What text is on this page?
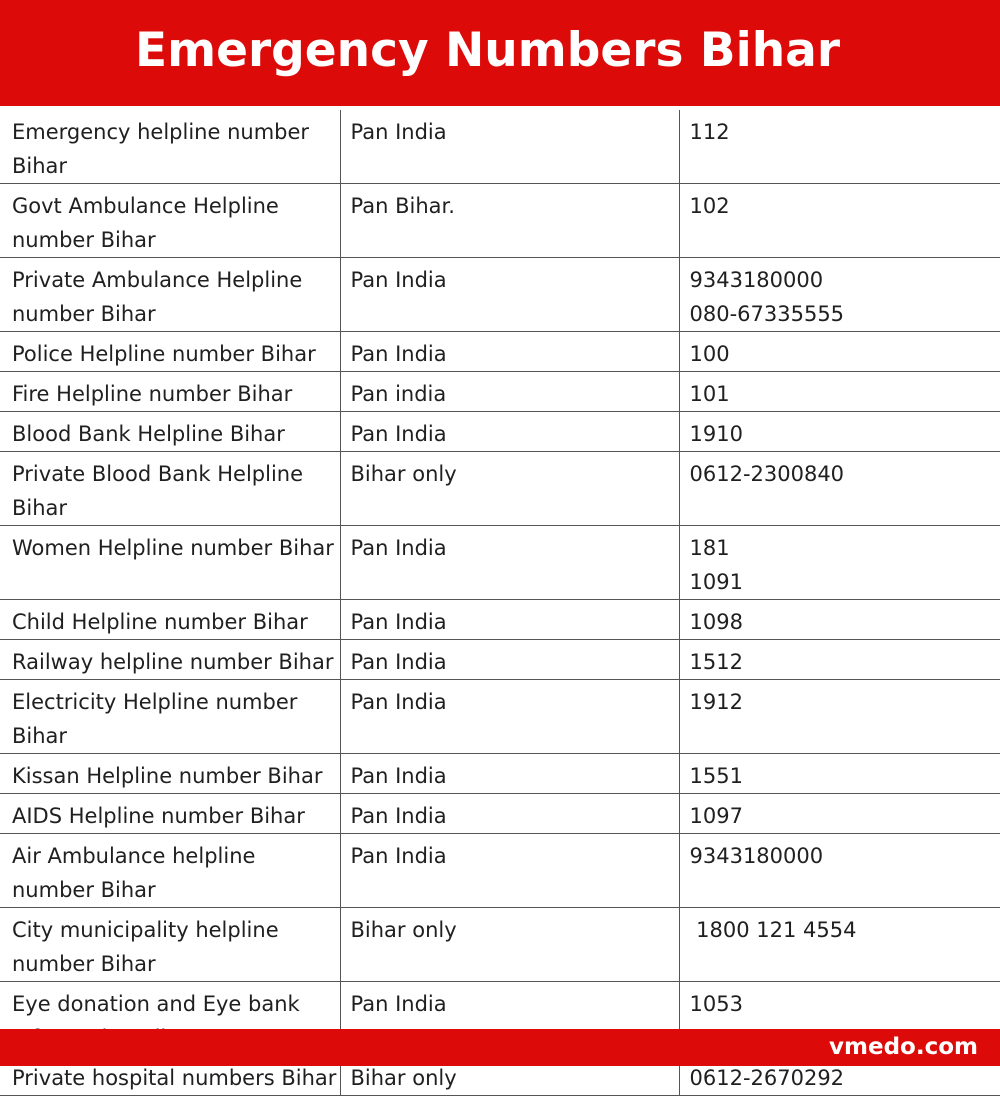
Emergency Numbers Bihar
Emergency helpline number Bihar	Pan India	112

Govt Ambulance Helpline number Bihar	Pan Bihar.	102

Private Ambulance Helpline number Bihar	Pan India	9343180000
080-67335555

Police Helpline number Bihar	Pan India	100

Fire Helpline number Bihar	Pan india	101

Blood Bank Helpline Bihar	Pan India	1910

Private Blood Bank Helpline Bihar	Bihar only	0612-2300840

Women Helpline number Bihar	Pan India	181
1091

Child Helpline number Bihar	Pan India	1098

Railway helpline number Bihar	Pan India	1512

Electricity Helpline number Bihar	Pan India	1912

Kissan Helpline number Bihar	Pan India	1551

AIDS Helpline number Bihar	Pan India	1097

Air Ambulance helpline number Bihar	Pan India	9343180000

City municipality helpline number Bihar	Bihar only	1800 121 4554

Eye donation and Eye bank	Pan India	1053

Private hospital numbers Bihar	Bihar only	0612-2670292
vmedo.com
